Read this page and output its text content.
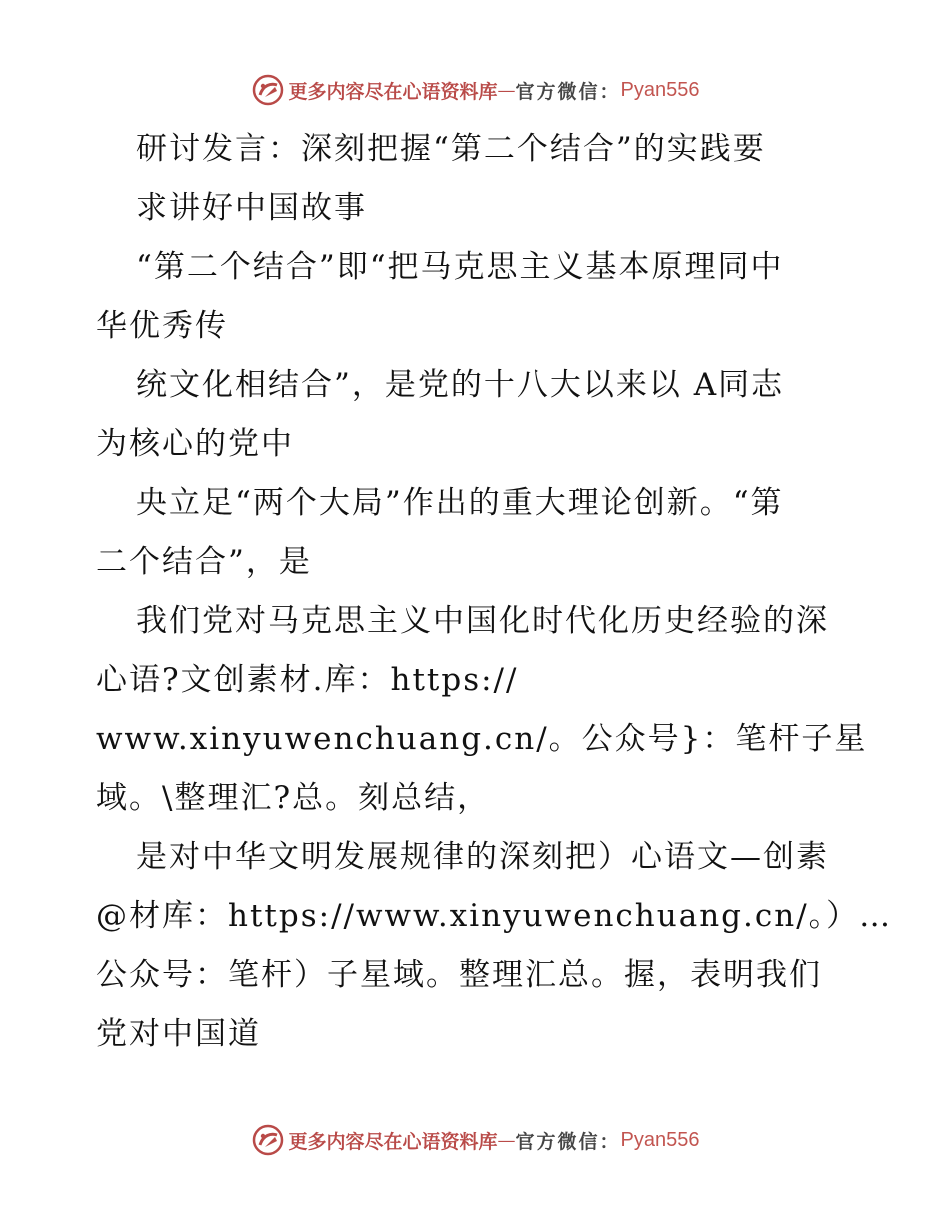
更多内容尽在心语资料库 — 官方微信： Pyan556
研讨发言：深刻把握“第二个结合”的实践要
求讲好中国故事
“第二个结合”即“把马克思主义基本原理同中
华优秀传
统文化相结合”，是党的十八大以来以 A同志
为核心的党中
央立足“两个大局”作出的重大理论创新。“第
二个结合”，是
我们党对马克思主义中国化时代化历史经验的深
心语?文创素材.库：https://
www.xinyuwenchuang.cn/。公众号}：笔杆子星
域。\整理汇?总。刻总结，
是对中华文明发展规律的深刻把）心语文—创素
@材库：https://www.xinyuwenchuang.cn/。）…
公众号：笔杆）子星域。整理汇总。握，表明我们
党对中国道
更多内容尽在心语资料库 — 官方微信： Pyan556
